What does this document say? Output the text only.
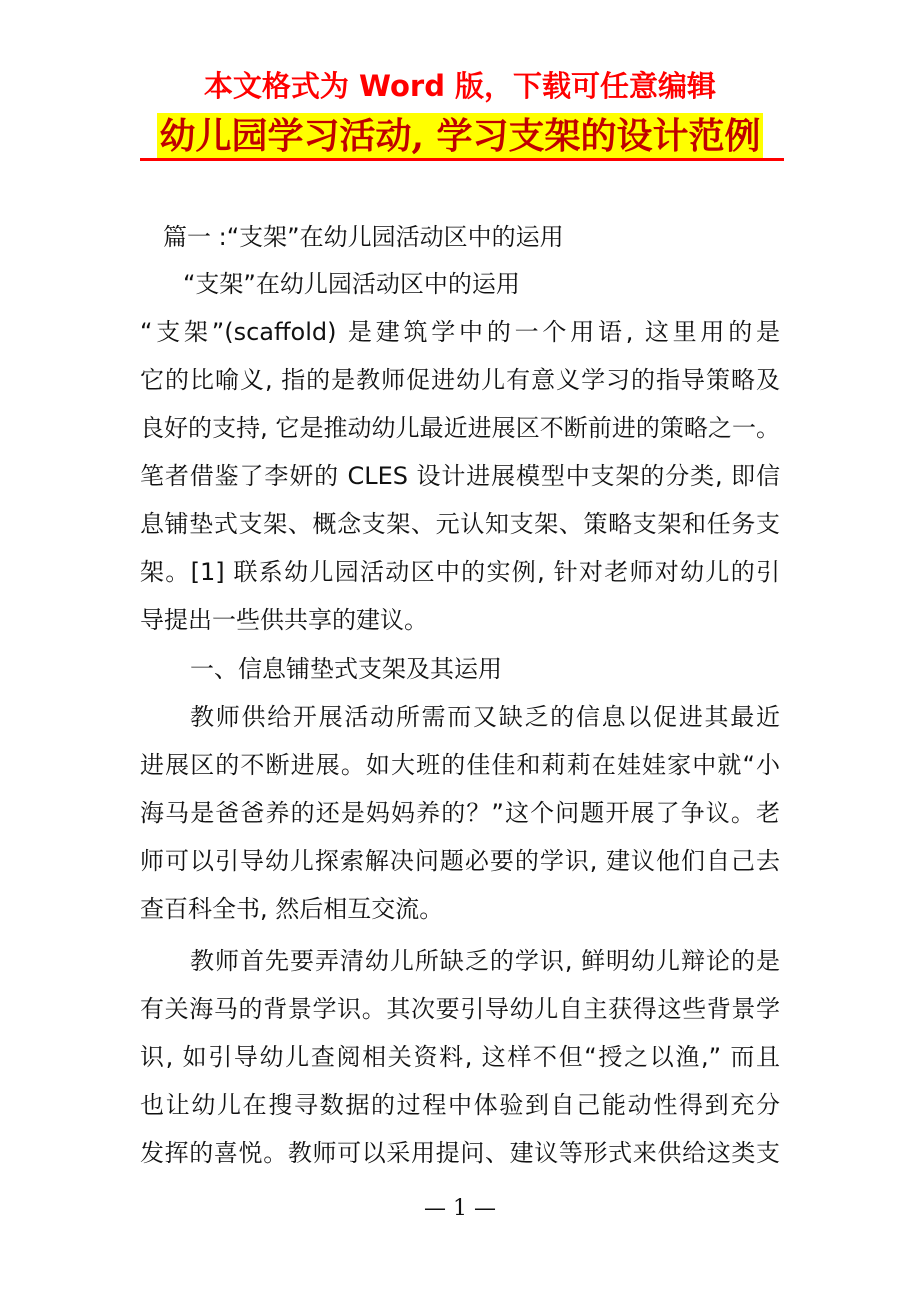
本文格式为 Word 版，下载可任意编辑
幼儿园学习活动, 学习支架的设计范例
篇一 :“支架”在幼儿园活动区中的运用
“支架”在幼儿园活动区中的运用
“支架”(scaffold) 是建筑学中的一个用语, 这里用的是
它的比喻义, 指的是教师促进幼儿有意义学习的指导策略及
良好的支持, 它是推动幼儿最近进展区不断前进的策略之一。
笔者借鉴了李妍的 CLES 设计进展模型中支架的分类, 即信
息铺垫式支架、概念支架、元认知支架、策略支架和任务支
架。[1] 联系幼儿园活动区中的实例, 针对老师对幼儿的引
导提出一些供共享的建议。
一、信息铺垫式支架及其运用
教师供给开展活动所需而又缺乏的信息以促进其最近
进展区的不断进展。如大班的佳佳和莉莉在娃娃家中就“小
海马是爸爸养的还是妈妈养的？”这个问题开展了争议。老
师可以引导幼儿探索解决问题必要的学识, 建议他们自己去
查百科全书, 然后相互交流。
教师首先要弄清幼儿所缺乏的学识, 鲜明幼儿辩论的是
有关海马的背景学识。其次要引导幼儿自主获得这些背景学
识, 如引导幼儿查阅相关资料, 这样不但“授之以渔,” 而且
也让幼儿在搜寻数据的过程中体验到自己能动性得到充分
发挥的喜悦。教师可以采用提问、建议等形式来供给这类支
— 1 —
